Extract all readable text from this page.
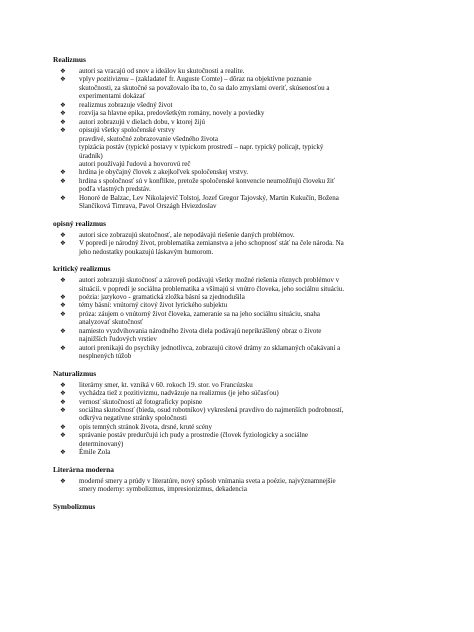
Realizmus
❖ autori sa vracajú od snov a ideálov ku skutočnosti a realite.
❖ vplyv pozitivizmu – (zakladateľ fr. Auguste Comte) – dôraz na objektívne poznanie
skutočnosti, za skutočné sa považovalo iba to, čo sa dalo zmyslami overiť, skúsenosťou a
experimentami dokázať
❖ realizmus zobrazuje všedný život
❖ rozvíja sa hlavne epika, predovšetkým romány, novely a poviedky
❖ autori zobrazujú v dielach dobu, v ktorej žijú
❖ opisujú všetky spoločenské vrstvy
pravdivé, skutočné zobrazovanie všedného života
typizácia postáv (typické postavy v typickom prostredí – napr. typický policajt, typický
úradník)
autori používajú ľudovú a hovorovú reč
❖ hrdina je obyčajný človek z akejkoľvek spoločenskej vrstvy.
❖ hrdina s spoločnosť sú v konflikte, pretože spoločenské konvencie neumožňujú človeku žiť
podľa vlastných predstáv.
❖ Honoré de Balzac, Lev Nikolajevič Tolstoj, Jozef Gregor Tajovský, Martin Kukučín, Božena
Slančíková Timrava, Pavol Országh Hviezdoslav
opisný realizmus
❖ autori sice zobrazujú skutočnosť, ale nepodávajú riešenie daných problémov.
❖ V popredí je národný život, problematika zemianstva a jeho schopnosť stáť na čele národa. Na
jeho nedostatky poukazujú láskavým humorom.
kritický realizmus
❖ autori zobrazujú skutočnosť a zároveň podávajú všetky možné riešenia rôznych problémov v
situácií. v popredí je sociálna problematika a všímajú si vnútro človeka, jeho sociálnu situáciu.
❖ poézia: jazykovo - gramatická zložka básní sa zjednodušila
❖ témy básní: vnútorný citový život lyrického subjektu
❖ próza: záujem o vnútorný život človeka, zameranie sa na jeho sociálnu situáciu, snaha
analyzovať skutočnosť
❖ namiesto vyzdvihovania národného života diela podávajú neprikrášlený obraz o živote
najnižších ľudových vrstiev
❖ autori prenikajú do psychiky jednotlivca, zobrazujú citové drámy zo sklamaných očakávaní a
nesplnených túžob
Naturalizmus
❖ literárny smer, kt. vzniká v 60. rokoch 19. stor. vo Francúzsku
❖ vychádza tiež z pozitivizmu, nadväzuje na realizmus (je jeho súčasťou)
❖ vernosť skutočnosti až fotograficky popisne
❖ sociálna skutočnosť (bieda, osud robotníkov) vykreslená pravdivo do najmenších podrobností,
odkrýva negatívne stránky spoločnosti
❖ opis temných stránok života, drsné, kruté scény
❖ správanie postáv predurčujú ich pudy a prostredie (človek fyziologicky a sociálne
determinovaný)
❖ Émile Zola
Literárna moderna
❖ moderné smery a prúdy v literatúre, nový spôsob vnímania sveta a poézie, najvýznamnejšie
smery moderny: symbolizmus, impresionizmus, dekadencia
Symbolizmus
